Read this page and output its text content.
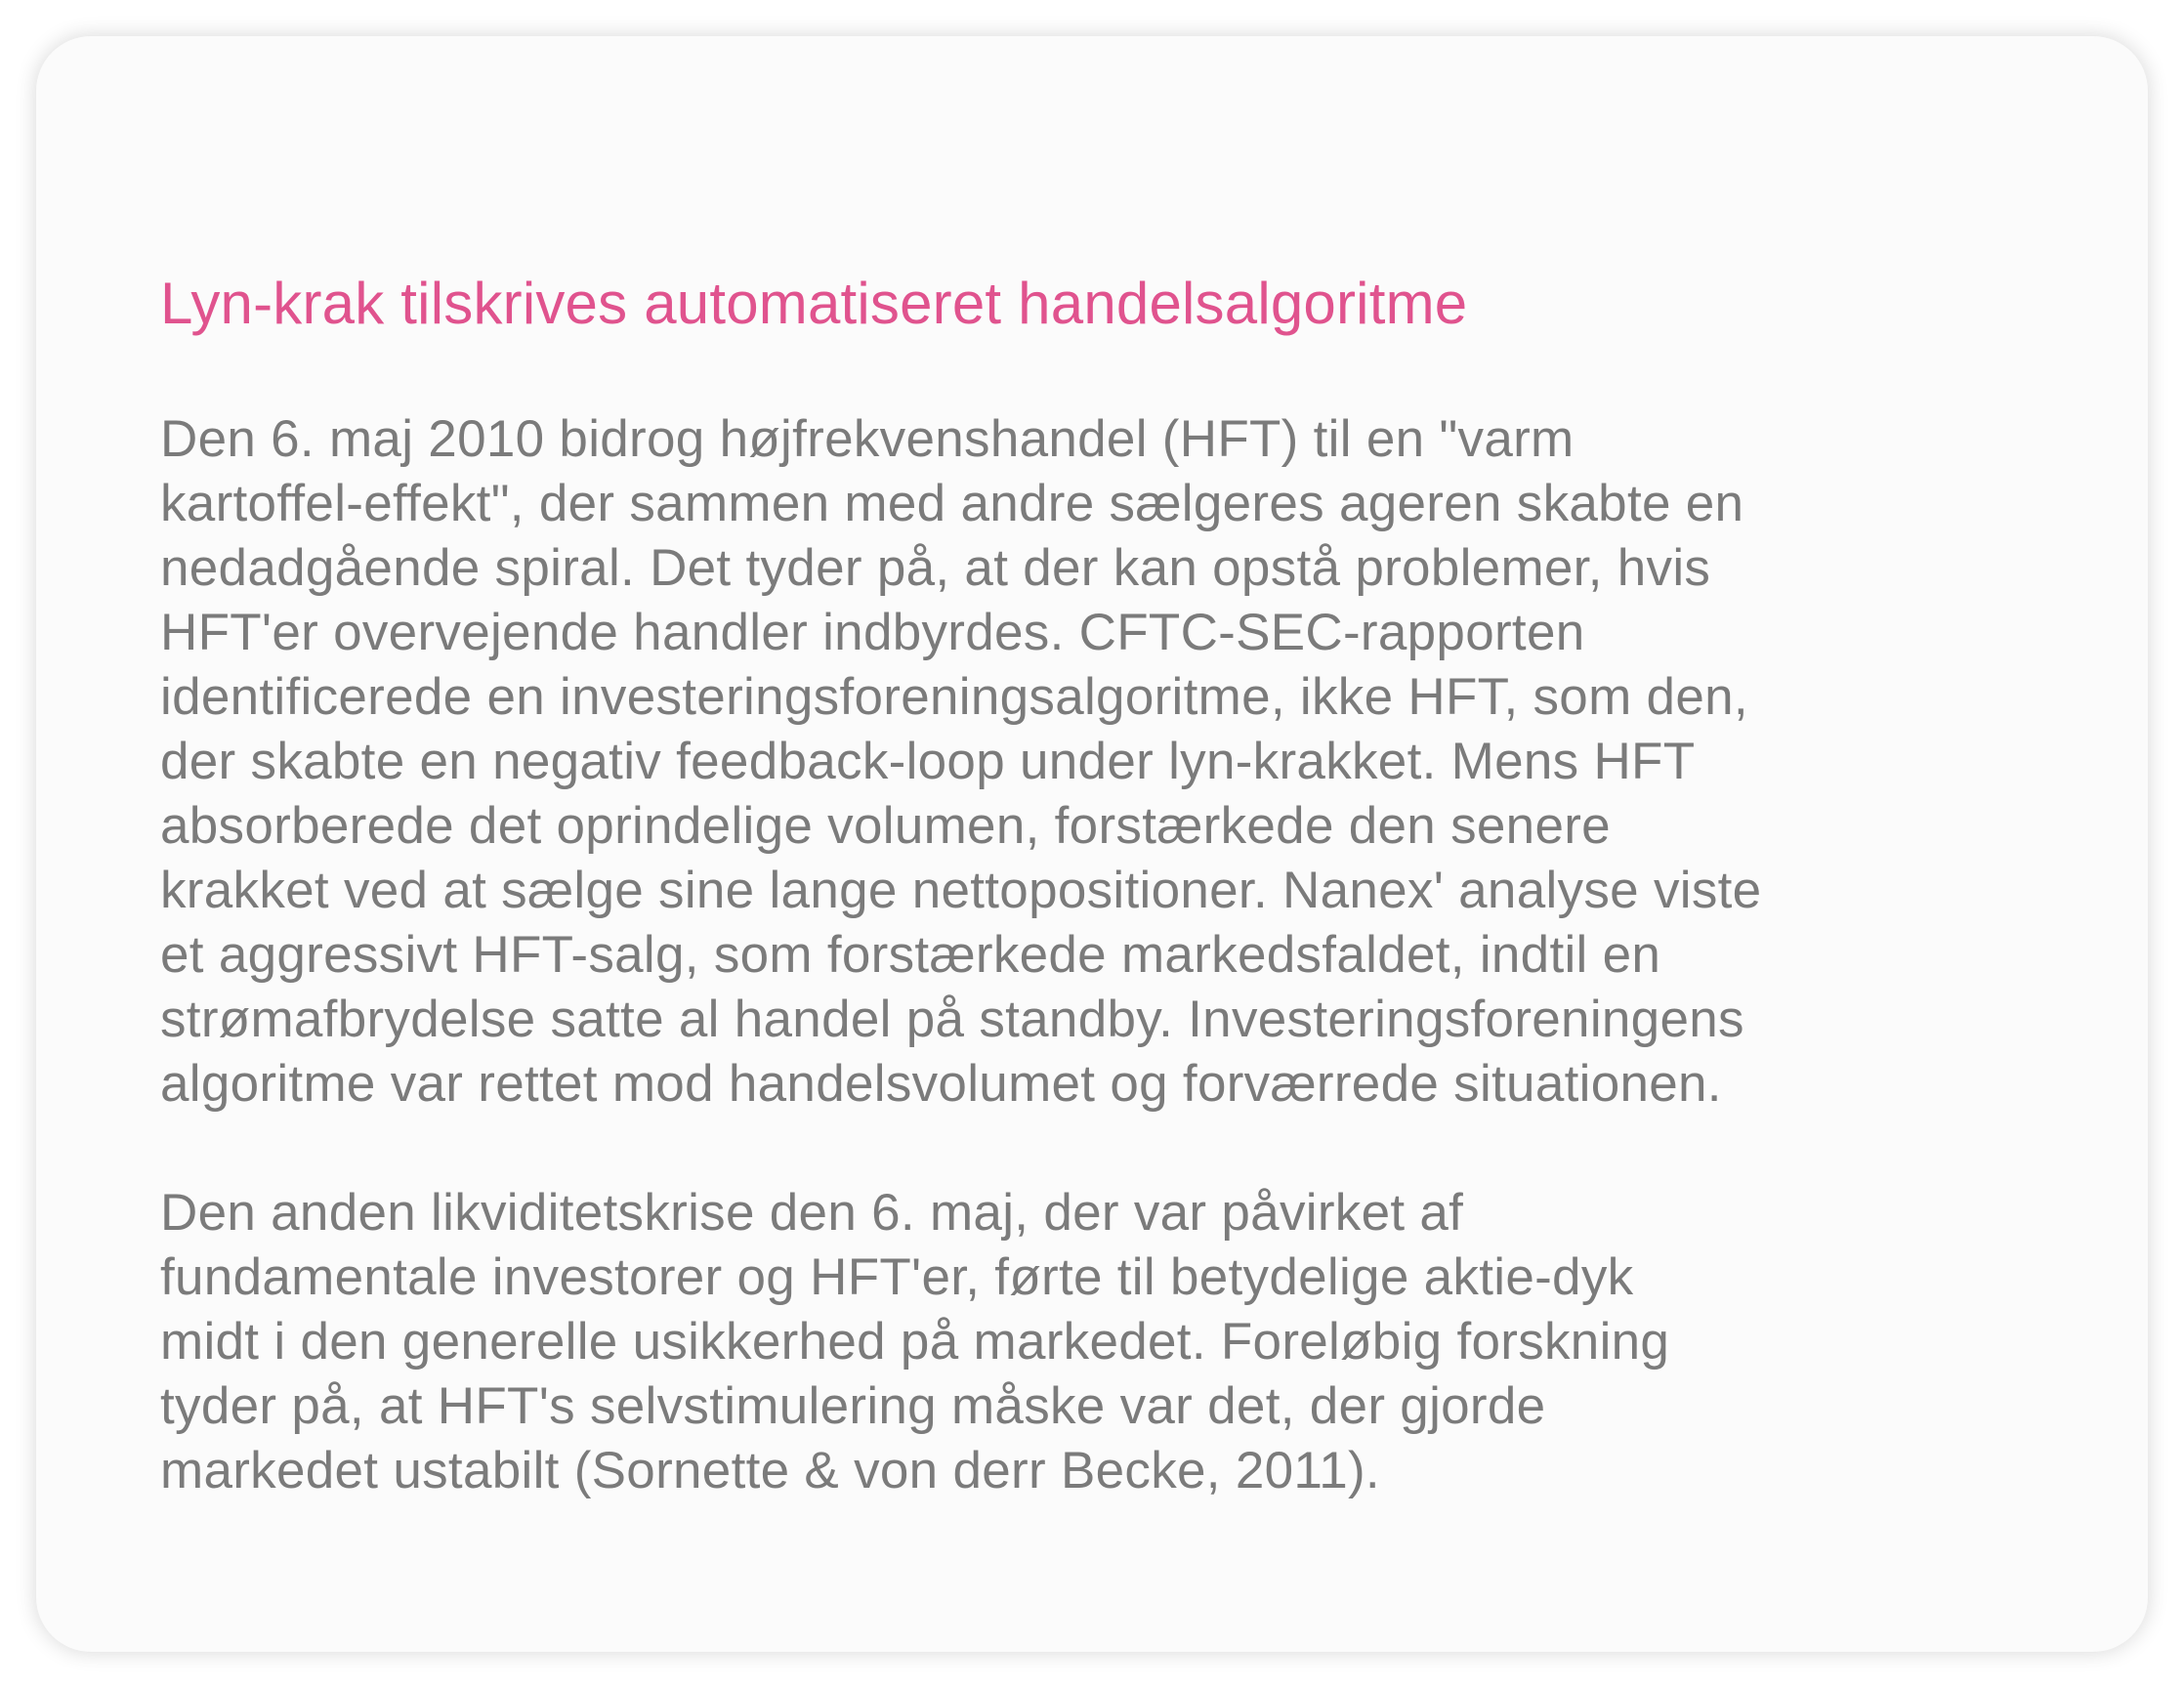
Lyn-krak tilskrives automatiseret handelsalgoritme

Den 6. maj 2010 bidrog højfrekvenshandel (HFT) til en "varm
kartoffel-effekt", der sammen med andre sælgeres ageren skabte en
nedadgående spiral. Det tyder på, at der kan opstå problemer, hvis
HFT'er overvejende handler indbyrdes. CFTC-SEC-rapporten
identificerede en investeringsforeningsalgoritme, ikke HFT, som den,
der skabte en negativ feedback-loop under lyn-krakket. Mens HFT
absorberede det oprindelige volumen, forstærkede den senere
krakket ved at sælge sine lange nettopositioner. Nanex' analyse viste
et aggressivt HFT-salg, som forstærkede markedsfaldet, indtil en
strømafbrydelse satte al handel på standby. Investeringsforeningens
algoritme var rettet mod handelsvolumet og forværrede situationen.

Den anden likviditetskrise den 6. maj, der var påvirket af
fundamentale investorer og HFT'er, førte til betydelige aktie-dyk
midt i den generelle usikkerhed på markedet. Foreløbig forskning
tyder på, at HFT's selvstimulering måske var det, der gjorde
markedet ustabilt (Sornette & von derr Becke, 2011).
